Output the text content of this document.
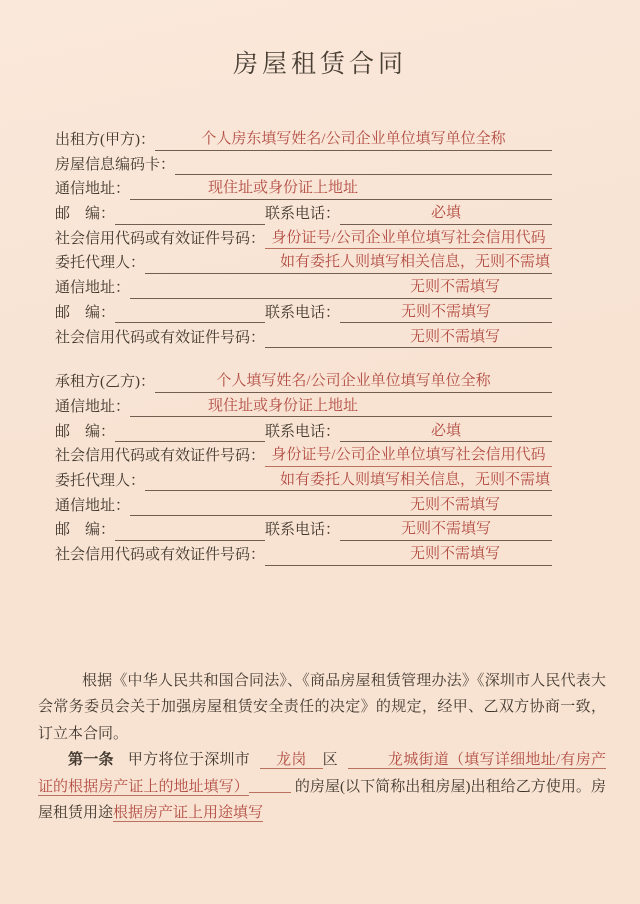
房屋租赁合同
出租方(甲方)：	个人房东填写姓名/公司企业单位填写单位全称
房屋信息编码卡：
通信地址：	现住址或身份证上地址
邮　编：	联系电话：	必填
社会信用代码或有效证件号码： 身份证号/公司企业单位填写社会信用代码
委托代理人：	如有委托人则填写相关信息，无则不需填
通信地址：	无则不需填写
邮　编：	联系电话：	无则不需填写
社会信用代码或有效证件号码：	无则不需填写
承租方(乙方)：	个人填写姓名/公司企业单位填写单位全称
通信地址：	现住址或身份证上地址
邮　编：	联系电话：	必填
社会信用代码或有效证件号码： 身份证号/公司企业单位填写社会信用代码
委托代理人：	如有委托人则填写相关信息，无则不需填
通信地址：	无则不需填写
邮　编：	联系电话：	无则不需填写
社会信用代码或有效证件号码：	无则不需填写

根据《中华人民共和国合同法》、《商品房屋租赁管理办法》《深圳市人民代表大会常务委员会关于加强房屋租赁安全责任的决定》的规定，经甲、乙双方协商一致，订立本合同。

第一条 甲方将位于深圳市 龙岗 区	龙城街道（填写详细地址/有房产证的根据房产证上的地址填写）	的房屋(以下简称出租房屋)出租给乙方使用。房屋租赁用途根据房产证上用途填写
